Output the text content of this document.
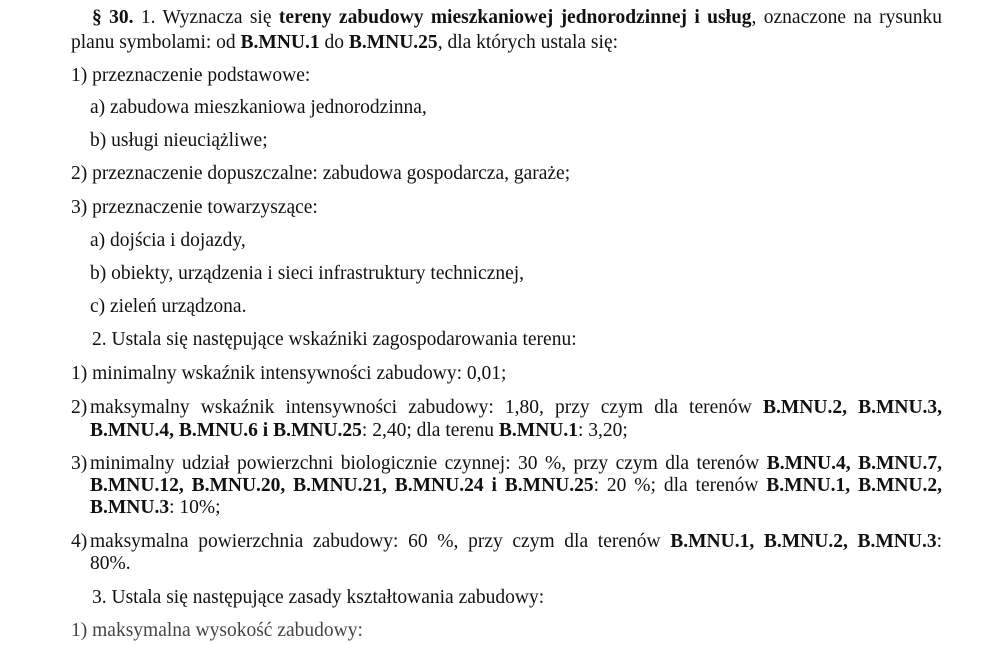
§ 30. 1. Wyznacza się tereny zabudowy mieszkaniowej jednorodzinnej i usług, oznaczone na rysunku
planu symbolami: od B.MNU.1 do B.MNU.25, dla których ustala się:
1) przeznaczenie podstawowe:
a) zabudowa mieszkaniowa jednorodzinna,
b) usługi nieuciążliwe;
2) przeznaczenie dopuszczalne: zabudowa gospodarcza, garaże;
3) przeznaczenie towarzyszące:
a) dojścia i dojazdy,
b) obiekty, urządzenia i sieci infrastruktury technicznej,
c) zieleń urządzona.
2. Ustala się następujące wskaźniki zagospodarowania terenu:
1) minimalny wskaźnik intensywności zabudowy: 0,01;
2) maksymalny wskaźnik intensywności zabudowy: 1,80, przy czym dla terenów B.MNU.2, B.MNU.3,
B.MNU.4, B.MNU.6 i B.MNU.25: 2,40; dla terenu B.MNU.1: 3,20;
3) minimalny udział powierzchni biologicznie czynnej: 30 %, przy czym dla terenów B.MNU.4, B.MNU.7,
B.MNU.12, B.MNU.20, B.MNU.21, B.MNU.24 i B.MNU.25: 20 %; dla terenów B.MNU.1, B.MNU.2,
B.MNU.3: 10%;
4) maksymalna powierzchnia zabudowy: 60 %, przy czym dla terenów B.MNU.1, B.MNU.2, B.MNU.3:
80%.
3. Ustala się następujące zasady kształtowania zabudowy:
1) maksymalna wysokość zabudowy:
